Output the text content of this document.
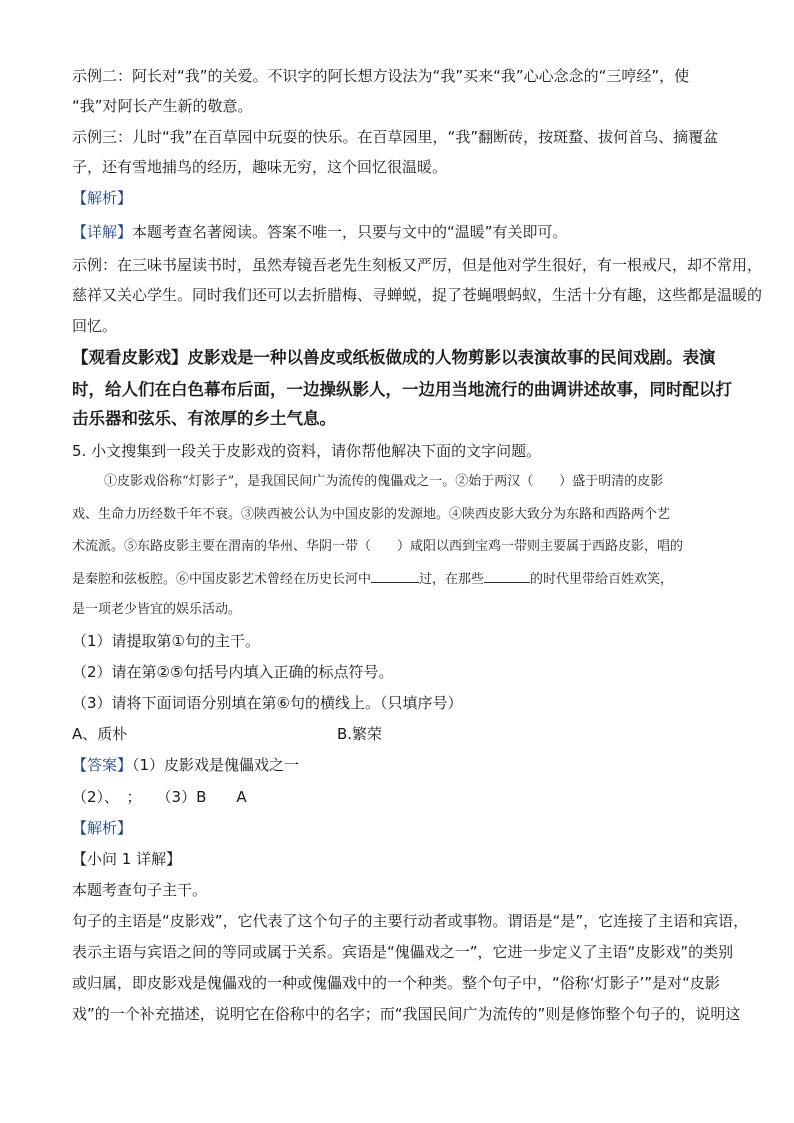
示例二：阿长对“我”的关爱。不识字的阿长想方设法为“我”买来“我”心心念念的“三哼经”，使
“我”对阿长产生新的敬意。
示例三：儿时“我”在百草园中玩耍的快乐。在百草园里，“我”翻断砖，按斑蝥、拔何首乌、摘覆盆
子，还有雪地捕鸟的经历，趣味无穷，这个回忆很温暖。
【解析】
【详解】本题考查名著阅读。答案不唯一，只要与文中的“温暖”有关即可。
示例：在三味书屋读书时，虽然寿镜吾老先生刻板又严厉，但是他对学生很好，有一根戒尺，却不常用，
慈祥又关心学生。同时我们还可以去折腊梅、寻蝉蜕，捉了苍蝇喂蚂蚁，生活十分有趣，这些都是温暖的
回忆。
【观看皮影戏】皮影戏是一种以兽皮或纸板做成的人物剪影以表演故事的民间戏剧。表演
时，给人们在白色幕布后面，一边操纵影人，一边用当地流行的曲调讲述故事，同时配以打
击乐器和弦乐、有浓厚的乡土气息。
5. 小文搜集到一段关于皮影戏的资料，请你帮他解决下面的文字问题。
①皮影戏俗称“灯影子”，是我国民间广为流传的傀儡戏之一。②始于两汉（　　）盛于明清的皮影
戏、生命力历经数千年不衰。③陕西被公认为中国皮影的发源地。④陕西皮影大致分为东路和西路两个艺
术流派。⑤东路皮影主要在渭南的华州、华阴一带（　　）咸阳以西到宝鸡一带则主要属于西路皮影，唱的
是秦腔和弦板腔。⑥中国皮影艺术曾经在历史长河中	过，在那些	的时代里带给百姓欢笑，
是一项老少皆宜的娱乐活动。
（1）请提取第①句的主干。
（2）请在第②⑤句括号内填入正确的标点符号。
（3）请将下面词语分别填在第⑥句的横线上。（只填序号）
A、质朴	B.繁荣
【答案】（1）皮影戏是傀儡戏之一
（2）、　；　　（3）B　　A
【解析】
【小问 1 详解】
本题考查句子主干。
句子的主语是“皮影戏”，它代表了这个句子的主要行动者或事物。谓语是“是”，它连接了主语和宾语，
表示主语与宾语之间的等同或属于关系。宾语是“傀儡戏之一”，它进一步定义了主语“皮影戏”的类别
或归属，即皮影戏是傀儡戏的一种或傀儡戏中的一个种类。整个句子中，“俗称‘灯影子’”是对“皮影
戏”的一个补充描述，说明它在俗称中的名字；而“我国民间广为流传的”则是修饰整个句子的，说明这
